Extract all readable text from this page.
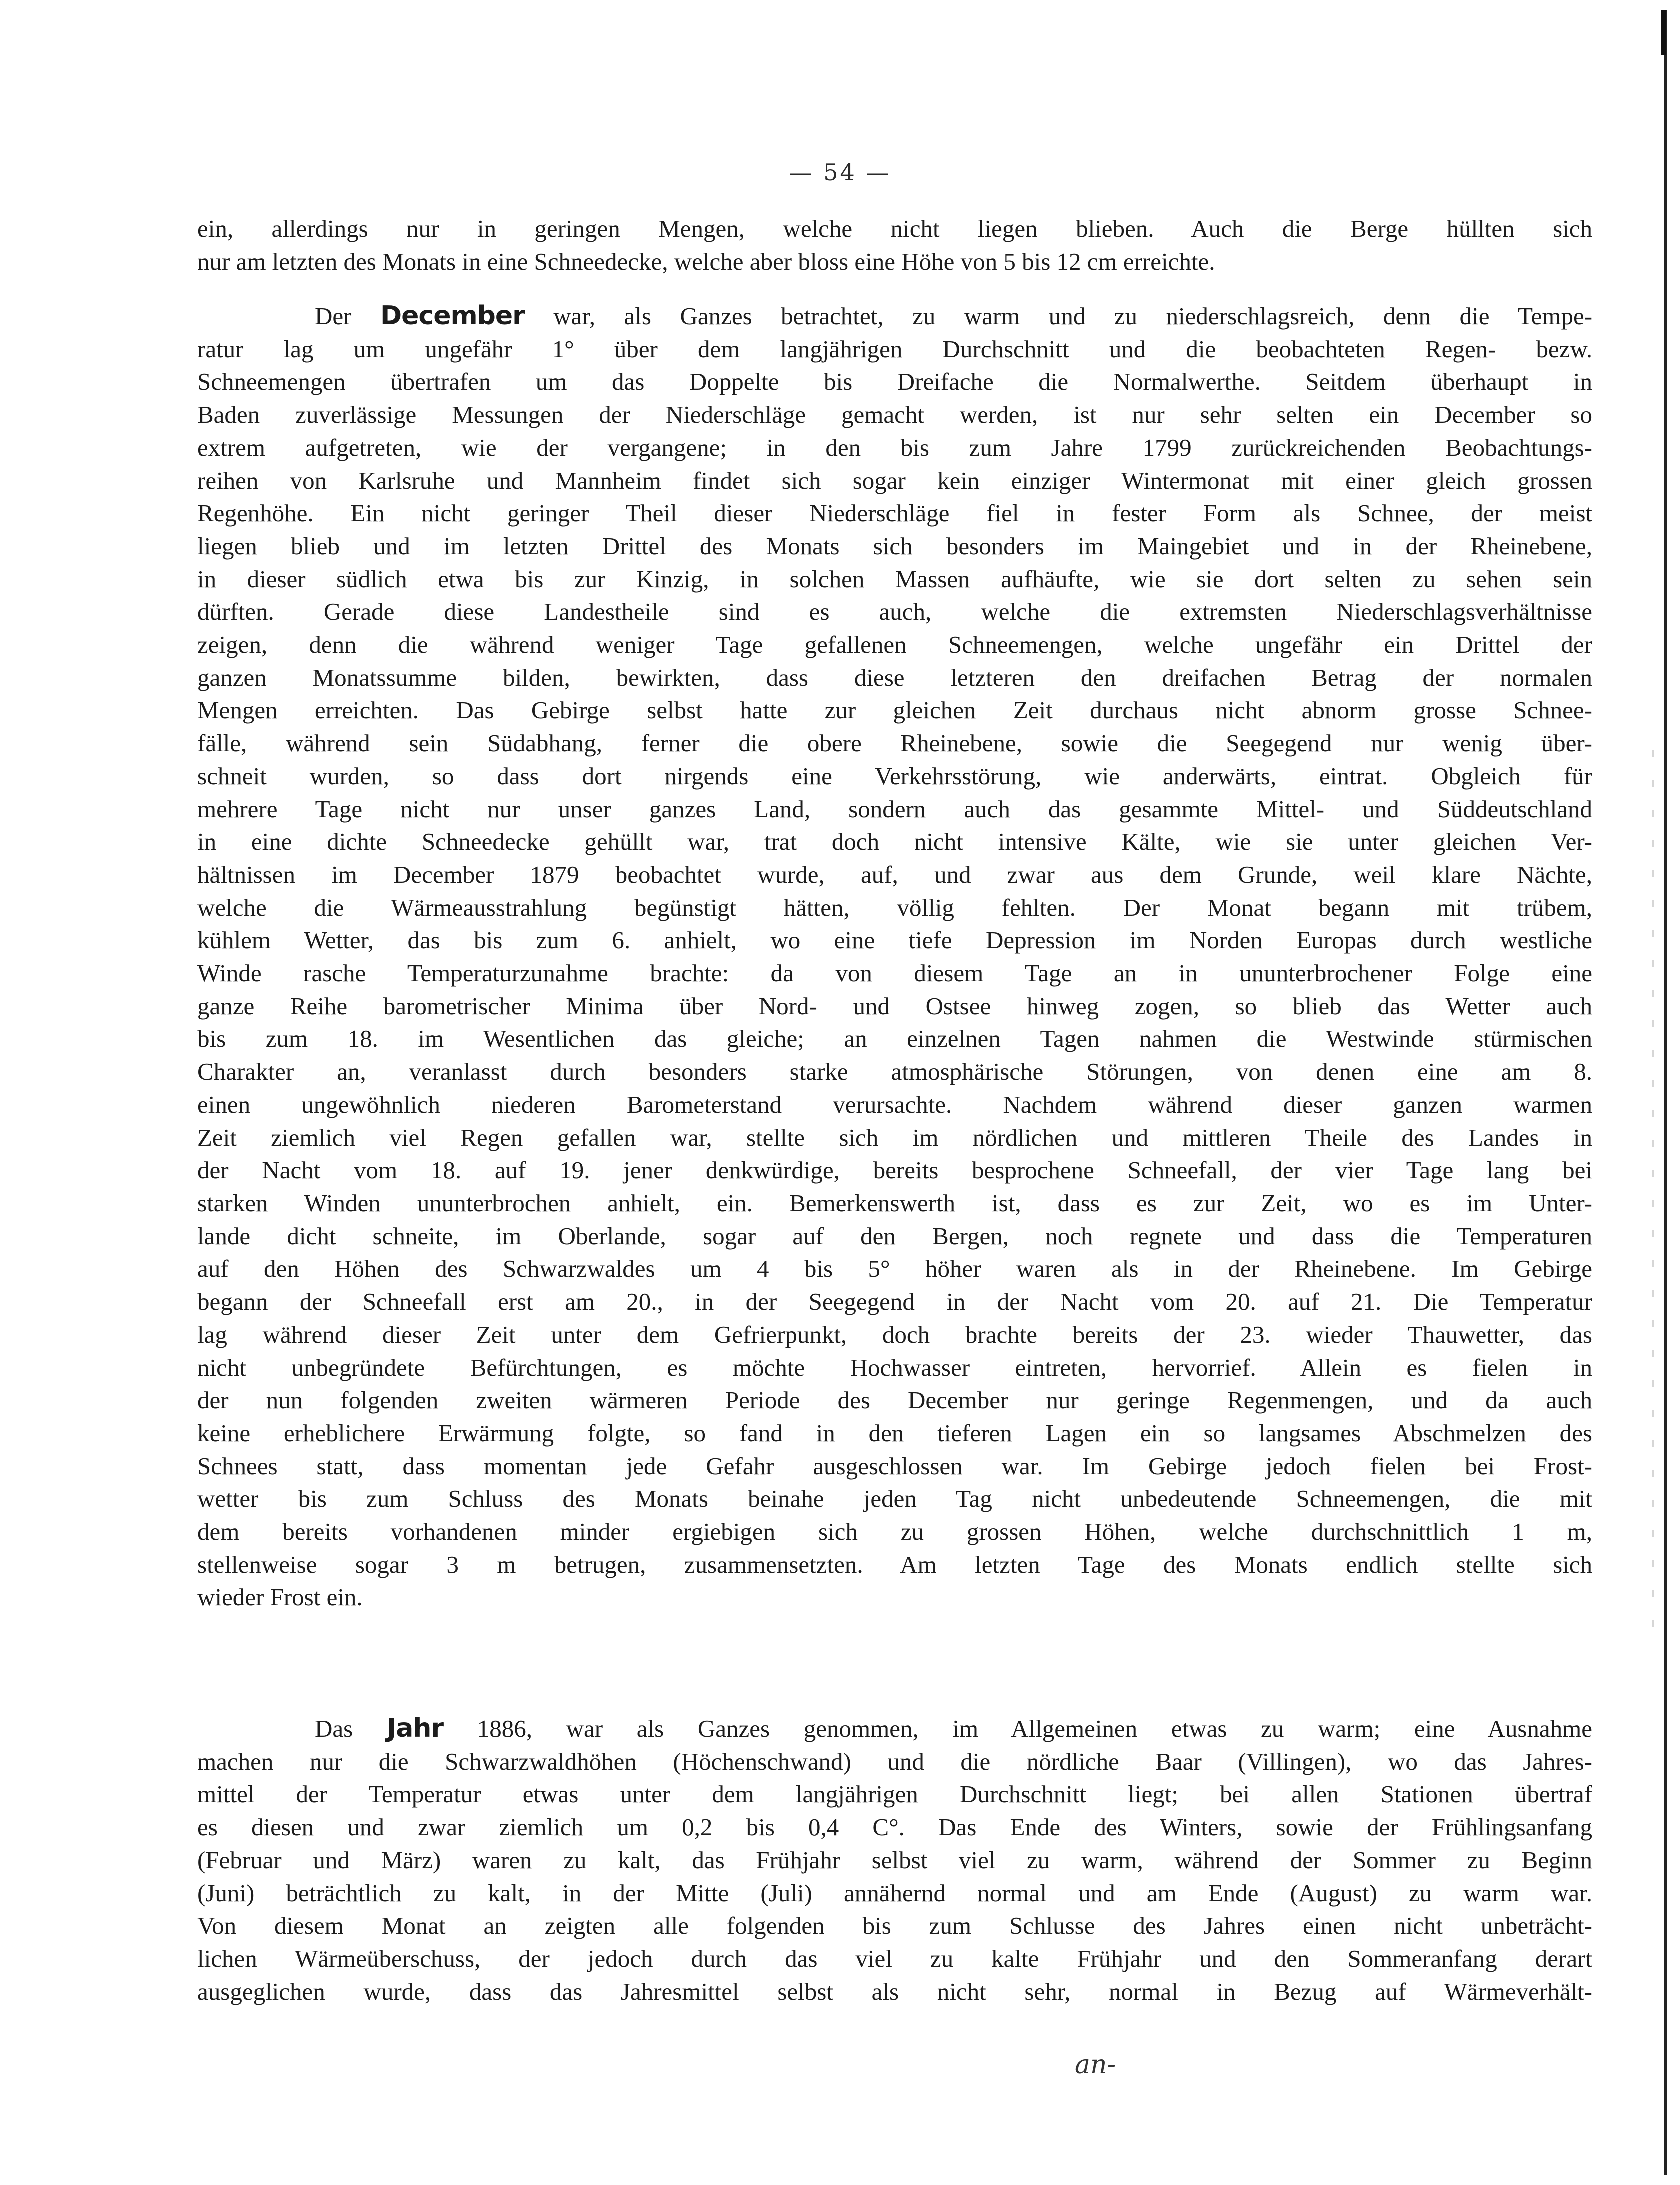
— 54 —
ein, allerdings nur in geringen Mengen, welche nicht liegen blieben. Auch die Berge hüllten sich
nur am letzten des Monats in eine Schneedecke, welche aber bloss eine Höhe von 5 bis 12 cm erreichte.
Der December war, als Ganzes betrachtet, zu warm und zu niederschlagsreich, denn die Tempe-
ratur lag um ungefähr 1° über dem langjährigen Durchschnitt und die beobachteten Regen- bezw.
Schneemengen übertrafen um das Doppelte bis Dreifache die Normalwerthe. Seitdem überhaupt in
Baden zuverlässige Messungen der Niederschläge gemacht werden, ist nur sehr selten ein December so
extrem aufgetreten, wie der vergangene; in den bis zum Jahre 1799 zurückreichenden Beobachtungs-
reihen von Karlsruhe und Mannheim findet sich sogar kein einziger Wintermonat mit einer gleich grossen
Regenhöhe. Ein nicht geringer Theil dieser Niederschläge fiel in fester Form als Schnee, der meist
liegen blieb und im letzten Drittel des Monats sich besonders im Maingebiet und in der Rheinebene,
in dieser südlich etwa bis zur Kinzig, in solchen Massen aufhäufte, wie sie dort selten zu sehen sein
dürften. Gerade diese Landestheile sind es auch, welche die extremsten Niederschlagsverhältnisse
zeigen, denn die während weniger Tage gefallenen Schneemengen, welche ungefähr ein Drittel der
ganzen Monatssumme bilden, bewirkten, dass diese letzteren den dreifachen Betrag der normalen
Mengen erreichten. Das Gebirge selbst hatte zur gleichen Zeit durchaus nicht abnorm grosse Schnee-
fälle, während sein Südabhang, ferner die obere Rheinebene, sowie die Seegegend nur wenig über-
schneit wurden, so dass dort nirgends eine Verkehrsstörung, wie anderwärts, eintrat. Obgleich für
mehrere Tage nicht nur unser ganzes Land, sondern auch das gesammte Mittel- und Süddeutschland
in eine dichte Schneedecke gehüllt war, trat doch nicht intensive Kälte, wie sie unter gleichen Ver-
hältnissen im December 1879 beobachtet wurde, auf, und zwar aus dem Grunde, weil klare Nächte,
welche die Wärmeausstrahlung begünstigt hätten, völlig fehlten. Der Monat begann mit trübem,
kühlem Wetter, das bis zum 6. anhielt, wo eine tiefe Depression im Norden Europas durch westliche
Winde rasche Temperaturzunahme brachte: da von diesem Tage an in ununterbrochener Folge eine
ganze Reihe barometrischer Minima über Nord- und Ostsee hinweg zogen, so blieb das Wetter auch
bis zum 18. im Wesentlichen das gleiche; an einzelnen Tagen nahmen die Westwinde stürmischen
Charakter an, veranlasst durch besonders starke atmosphärische Störungen, von denen eine am 8.
einen ungewöhnlich niederen Barometerstand verursachte. Nachdem während dieser ganzen warmen
Zeit ziemlich viel Regen gefallen war, stellte sich im nördlichen und mittleren Theile des Landes in
der Nacht vom 18. auf 19. jener denkwürdige, bereits besprochene Schneefall, der vier Tage lang bei
starken Winden ununterbrochen anhielt, ein. Bemerkenswerth ist, dass es zur Zeit, wo es im Unter-
lande dicht schneite, im Oberlande, sogar auf den Bergen, noch regnete und dass die Temperaturen
auf den Höhen des Schwarzwaldes um 4 bis 5° höher waren als in der Rheinebene. Im Gebirge
begann der Schneefall erst am 20., in der Seegegend in der Nacht vom 20. auf 21. Die Temperatur
lag während dieser Zeit unter dem Gefrierpunkt, doch brachte bereits der 23. wieder Thauwetter, das
nicht unbegründete Befürchtungen, es möchte Hochwasser eintreten, hervorrief. Allein es fielen in
der nun folgenden zweiten wärmeren Periode des December nur geringe Regenmengen, und da auch
keine erheblichere Erwärmung folgte, so fand in den tieferen Lagen ein so langsames Abschmelzen des
Schnees statt, dass momentan jede Gefahr ausgeschlossen war. Im Gebirge jedoch fielen bei Frost-
wetter bis zum Schluss des Monats beinahe jeden Tag nicht unbedeutende Schneemengen, die mit
dem bereits vorhandenen minder ergiebigen sich zu grossen Höhen, welche durchschnittlich 1 m,
stellenweise sogar 3 m betrugen, zusammensetzten. Am letzten Tage des Monats endlich stellte sich
wieder Frost ein.
Das Jahr 1886, war als Ganzes genommen, im Allgemeinen etwas zu warm; eine Ausnahme
machen nur die Schwarzwaldhöhen (Höchenschwand) und die nördliche Baar (Villingen), wo das Jahres-
mittel der Temperatur etwas unter dem langjährigen Durchschnitt liegt; bei allen Stationen übertraf
es diesen und zwar ziemlich um 0,2 bis 0,4 C°. Das Ende des Winters, sowie der Frühlingsanfang
(Februar und März) waren zu kalt, das Frühjahr selbst viel zu warm, während der Sommer zu Beginn
(Juni) beträchtlich zu kalt, in der Mitte (Juli) annähernd normal und am Ende (August) zu warm war.
Von diesem Monat an zeigten alle folgenden bis zum Schlusse des Jahres einen nicht unbeträcht-
lichen Wärmeüberschuss, der jedoch durch das viel zu kalte Frühjahr und den Sommeranfang derart
ausgeglichen wurde, dass das Jahresmittel selbst als nicht sehr, normal in Bezug auf Wärmeverhält-
an-
